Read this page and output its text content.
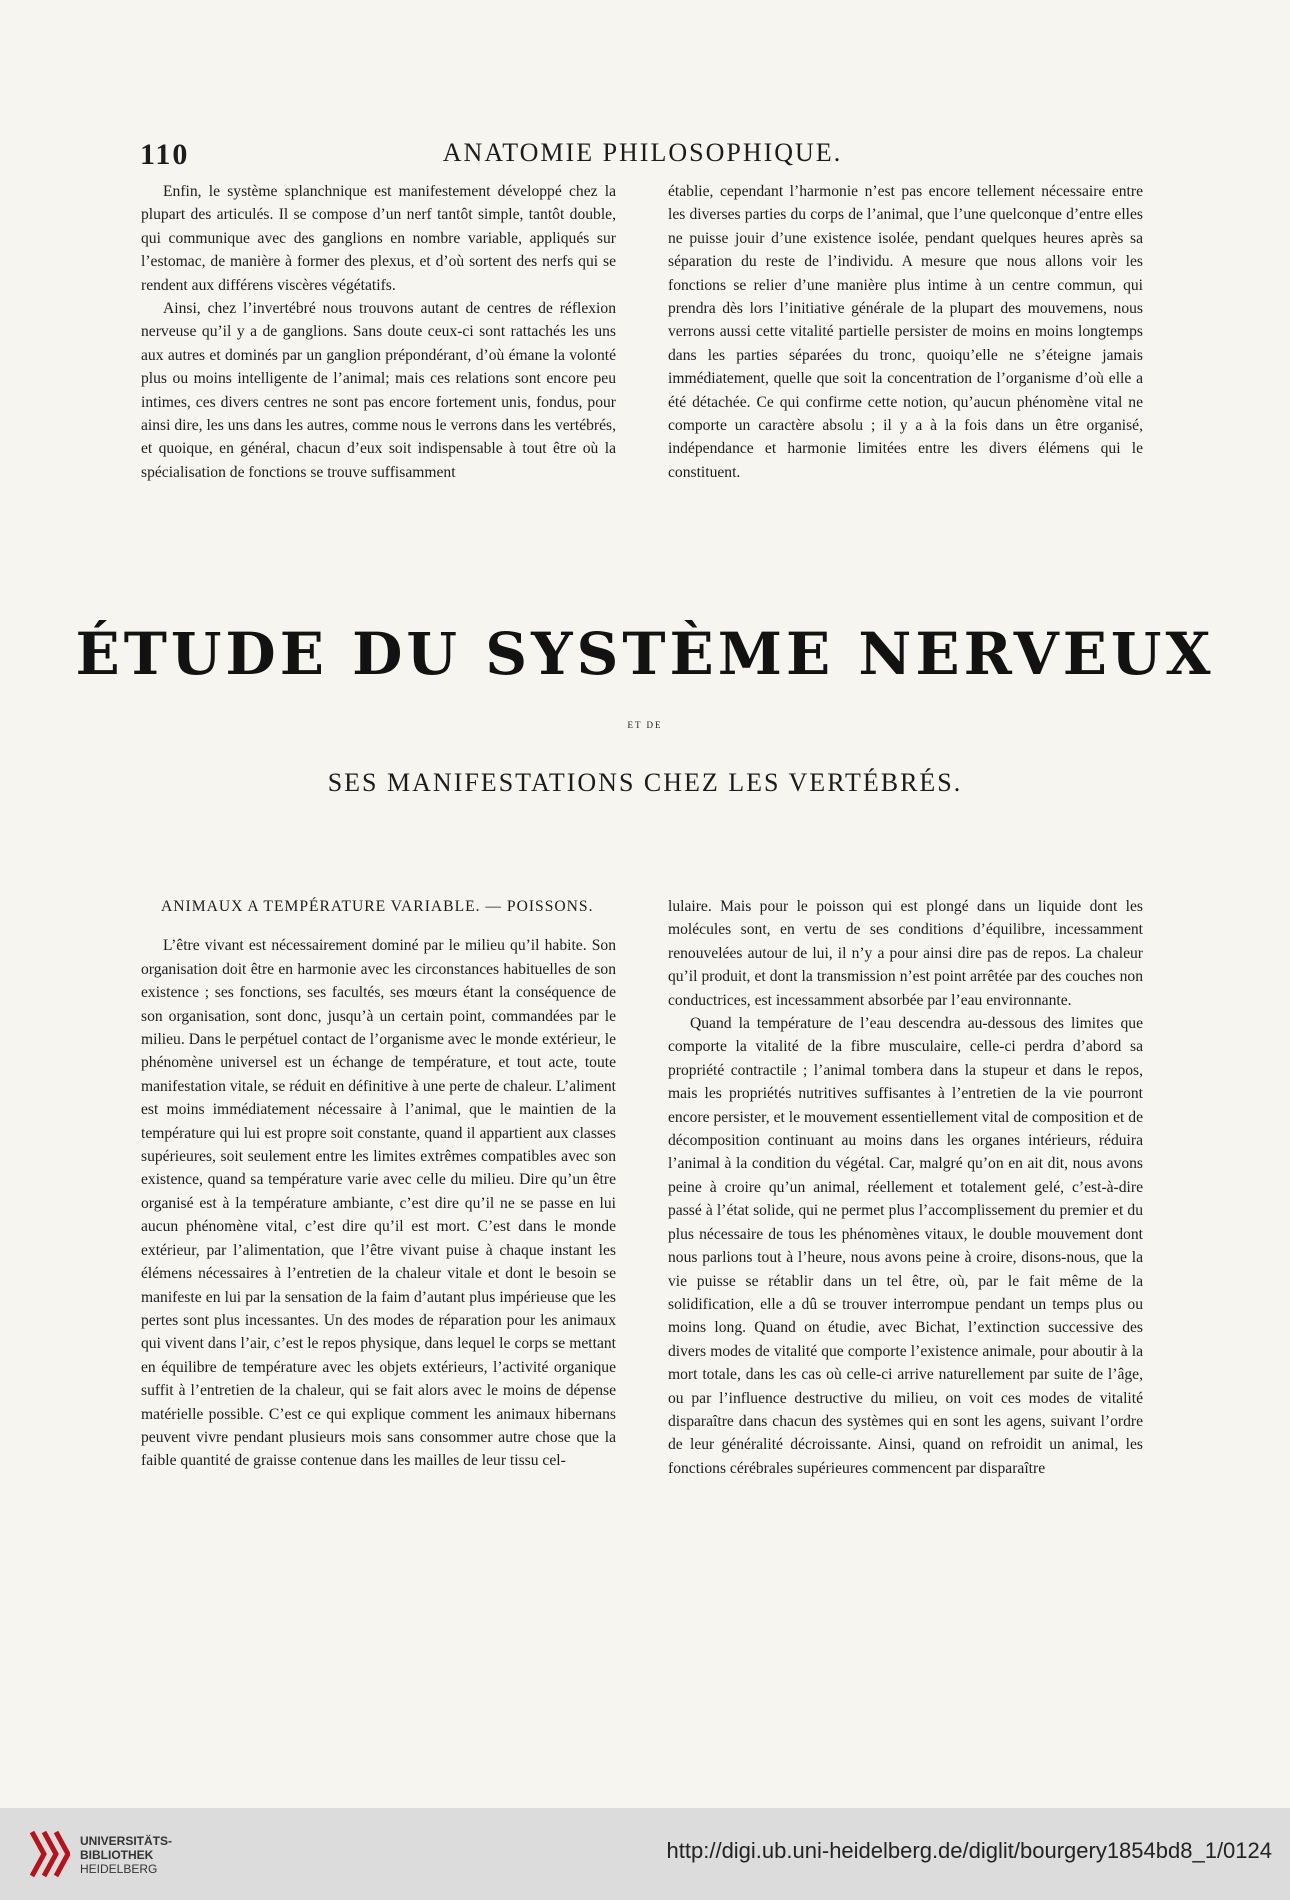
110	ANATOMIE PHILOSOPHIQUE.

Enfin, le système splanchnique est manifestement développé chez la plupart des articulés. Il se compose d’un nerf tantôt simple, tantôt double, qui communique avec des ganglions en nombre variable, appliqués sur l’estomac, de manière à former des plexus, et d’où sortent des nerfs qui se rendent aux différens viscères végétatifs.

Ainsi, chez l’invertébré nous trouvons autant de centres de réflexion nerveuse qu’il y a de ganglions. Sans doute ceux-ci sont rattachés les uns aux autres et dominés par un ganglion prépondérant, d’où émane la volonté plus ou moins intelligente de l’animal; mais ces relations sont encore peu intimes, ces divers centres ne sont pas encore fortement unis, fondus, pour ainsi dire, les uns dans les autres, comme nous le verrons dans les vertébrés, et quoique, en général, chacun d’eux soit indispensable à tout être où la spécialisation de fonctions se trouve suffisamment

établie, cependant l’harmonie n’est pas encore tellement nécessaire entre les diverses parties du corps de l’animal, que l’une quelconque d’entre elles ne puisse jouir d’une existence isolée, pendant quelques heures après sa séparation du reste de l’individu. A mesure que nous allons voir les fonctions se relier d’une manière plus intime à un centre commun, qui prendra dès lors l’initiative générale de la plupart des mouvemens, nous verrons aussi cette vitalité partielle persister de moins en moins longtemps dans les parties séparées du tronc, quoiqu’elle ne s’éteigne jamais immédiatement, quelle que soit la concentration de l’organisme d’où elle a été détachée. Ce qui confirme cette notion, qu’aucun phénomène vital ne comporte un caractère absolu ; il y a à la fois dans un être organisé, indépendance et harmonie limitées entre les divers élémens qui le constituent.

ÉTUDE DU SYSTÈME NERVEUX
ET DE
SES MANIFESTATIONS CHEZ LES VERTÉBRÉS.
ANIMAUX A TEMPÉRATURE VARIABLE. — POISSONS.

L’être vivant est nécessairement dominé par le milieu qu’il habite. Son organisation doit être en harmonie avec les circonstances habituelles de son existence ; ses fonctions, ses facultés, ses mœurs étant la conséquence de son organisation, sont donc, jusqu’à un certain point, commandées par le milieu. Dans le perpétuel contact de l’organisme avec le monde extérieur, le phénomène universel est un échange de température, et tout acte, toute manifestation vitale, se réduit en définitive à une perte de chaleur. L’aliment est moins immédiatement nécessaire à l’animal, que le maintien de la température qui lui est propre soit constante, quand il appartient aux classes supérieures, soit seulement entre les limites extrêmes compatibles avec son existence, quand sa température varie avec celle du milieu. Dire qu’un être organisé est à la température ambiante, c’est dire qu’il ne se passe en lui aucun phénomène vital, c’est dire qu’il est mort. C’est dans le monde extérieur, par l’alimentation, que l’être vivant puise à chaque instant les élémens nécessaires à l’entretien de la chaleur vitale et dont le besoin se manifeste en lui par la sensation de la faim d’autant plus impérieuse que les pertes sont plus incessantes. Un des modes de réparation pour les animaux qui vivent dans l’air, c’est le repos physique, dans lequel le corps se mettant en équilibre de température avec les objets extérieurs, l’activité organique suffit à l’entretien de la chaleur, qui se fait alors avec le moins de dépense matérielle possible. C’est ce qui explique comment les animaux hibernans peuvent vivre pendant plusieurs mois sans consommer autre chose que la faible quantité de graisse contenue dans les mailles de leur tissu cel-

lulaire. Mais pour le poisson qui est plongé dans un liquide dont les molécules sont, en vertu de ses conditions d’équilibre, incessamment renouvelées autour de lui, il n’y a pour ainsi dire pas de repos. La chaleur qu’il produit, et dont la transmission n’est point arrêtée par des couches non conductrices, est incessamment absorbée par l’eau environnante.

Quand la température de l’eau descendra au-dessous des limites que comporte la vitalité de la fibre musculaire, celle-ci perdra d’abord sa propriété contractile ; l’animal tombera dans la stupeur et dans le repos, mais les propriétés nutritives suffisantes à l’entretien de la vie pourront encore persister, et le mouvement essentiellement vital de composition et de décomposition continuant au moins dans les organes intérieurs, réduira l’animal à la condition du végétal. Car, malgré qu’on en ait dit, nous avons peine à croire qu’un animal, réellement et totalement gelé, c’est-à-dire passé à l’état solide, qui ne permet plus l’accomplissement du premier et du plus nécessaire de tous les phénomènes vitaux, le double mouvement dont nous parlions tout à l’heure, nous avons peine à croire, disons-nous, que la vie puisse se rétablir dans un tel être, où, par le fait même de la solidification, elle a dû se trouver interrompue pendant un temps plus ou moins long. Quand on étudie, avec Bichat, l’extinction successive des divers modes de vitalité que comporte l’existence animale, pour aboutir à la mort totale, dans les cas où celle-ci arrive naturellement par suite de l’âge, ou par l’influence destructive du milieu, on voit ces modes de vitalité disparaître dans chacun des systèmes qui en sont les agens, suivant l’ordre de leur généralité décroissante. Ainsi, quand on refroidit un animal, les fonctions cérébrales supérieures commencent par disparaître

UNIVERSITÄTS-
BIBLIOTHEK
HEIDELBERG
http://digi.ub.uni-heidelberg.de/diglit/bourgery1854bd8_1/0124
